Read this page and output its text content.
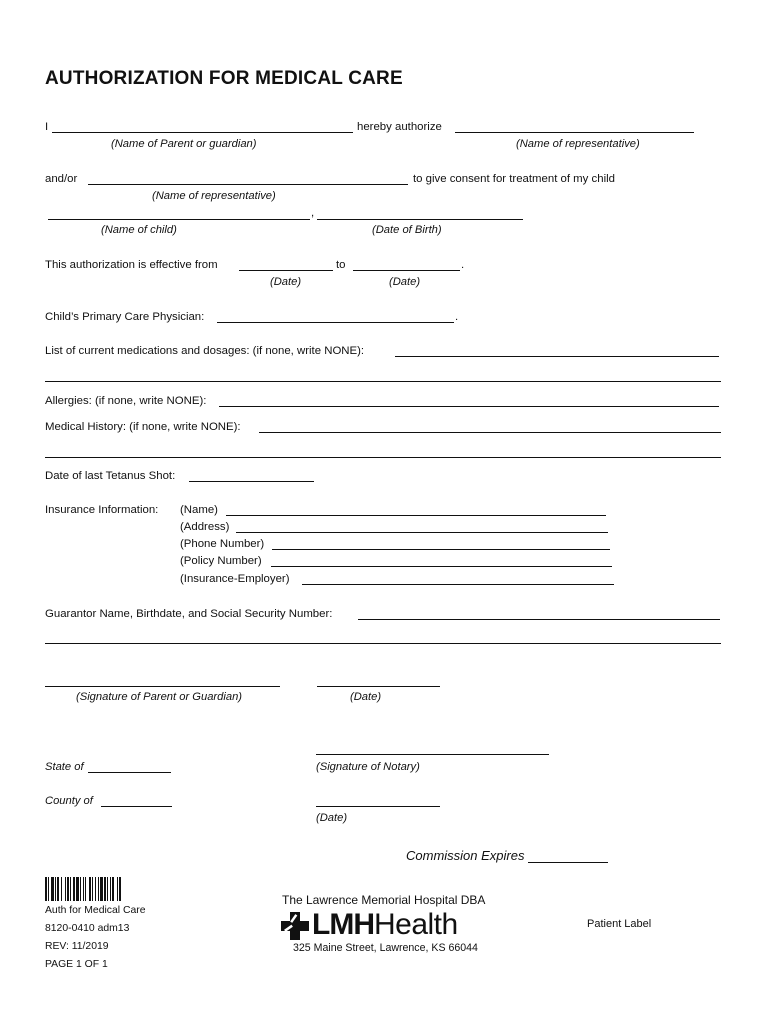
AUTHORIZATION FOR MEDICAL CARE
I	hereby authorize
(Name of Parent or guardian)	(Name of representative)
and/or	to give consent for treatment of my child
(Name of representative)
,
(Name of child)	(Date of Birth)
This authorization is effective from	to	.
(Date)	(Date)
Child’s Primary Care Physician:	.
List of current medications and dosages: (if none, write NONE):
Allergies: (if none, write NONE):
Medical History: (if none, write NONE):
Date of last Tetanus Shot:
Insurance Information: (Name)
(Address)
(Phone Number)
(Policy Number)
(Insurance-Employer)
Guarantor Name, Birthdate, and Social Security Number:
(Signature of Parent or Guardian)	(Date)
State of	(Signature of Notary)
County of
(Date)
Commission Expires
Auth for Medical Care
8120-0410 adm13
REV: 11/2019
PAGE 1 OF 1
The Lawrence Memorial Hospital DBA
LMHHealth
325 Maine Street, Lawrence, KS 66044
Patient Label
